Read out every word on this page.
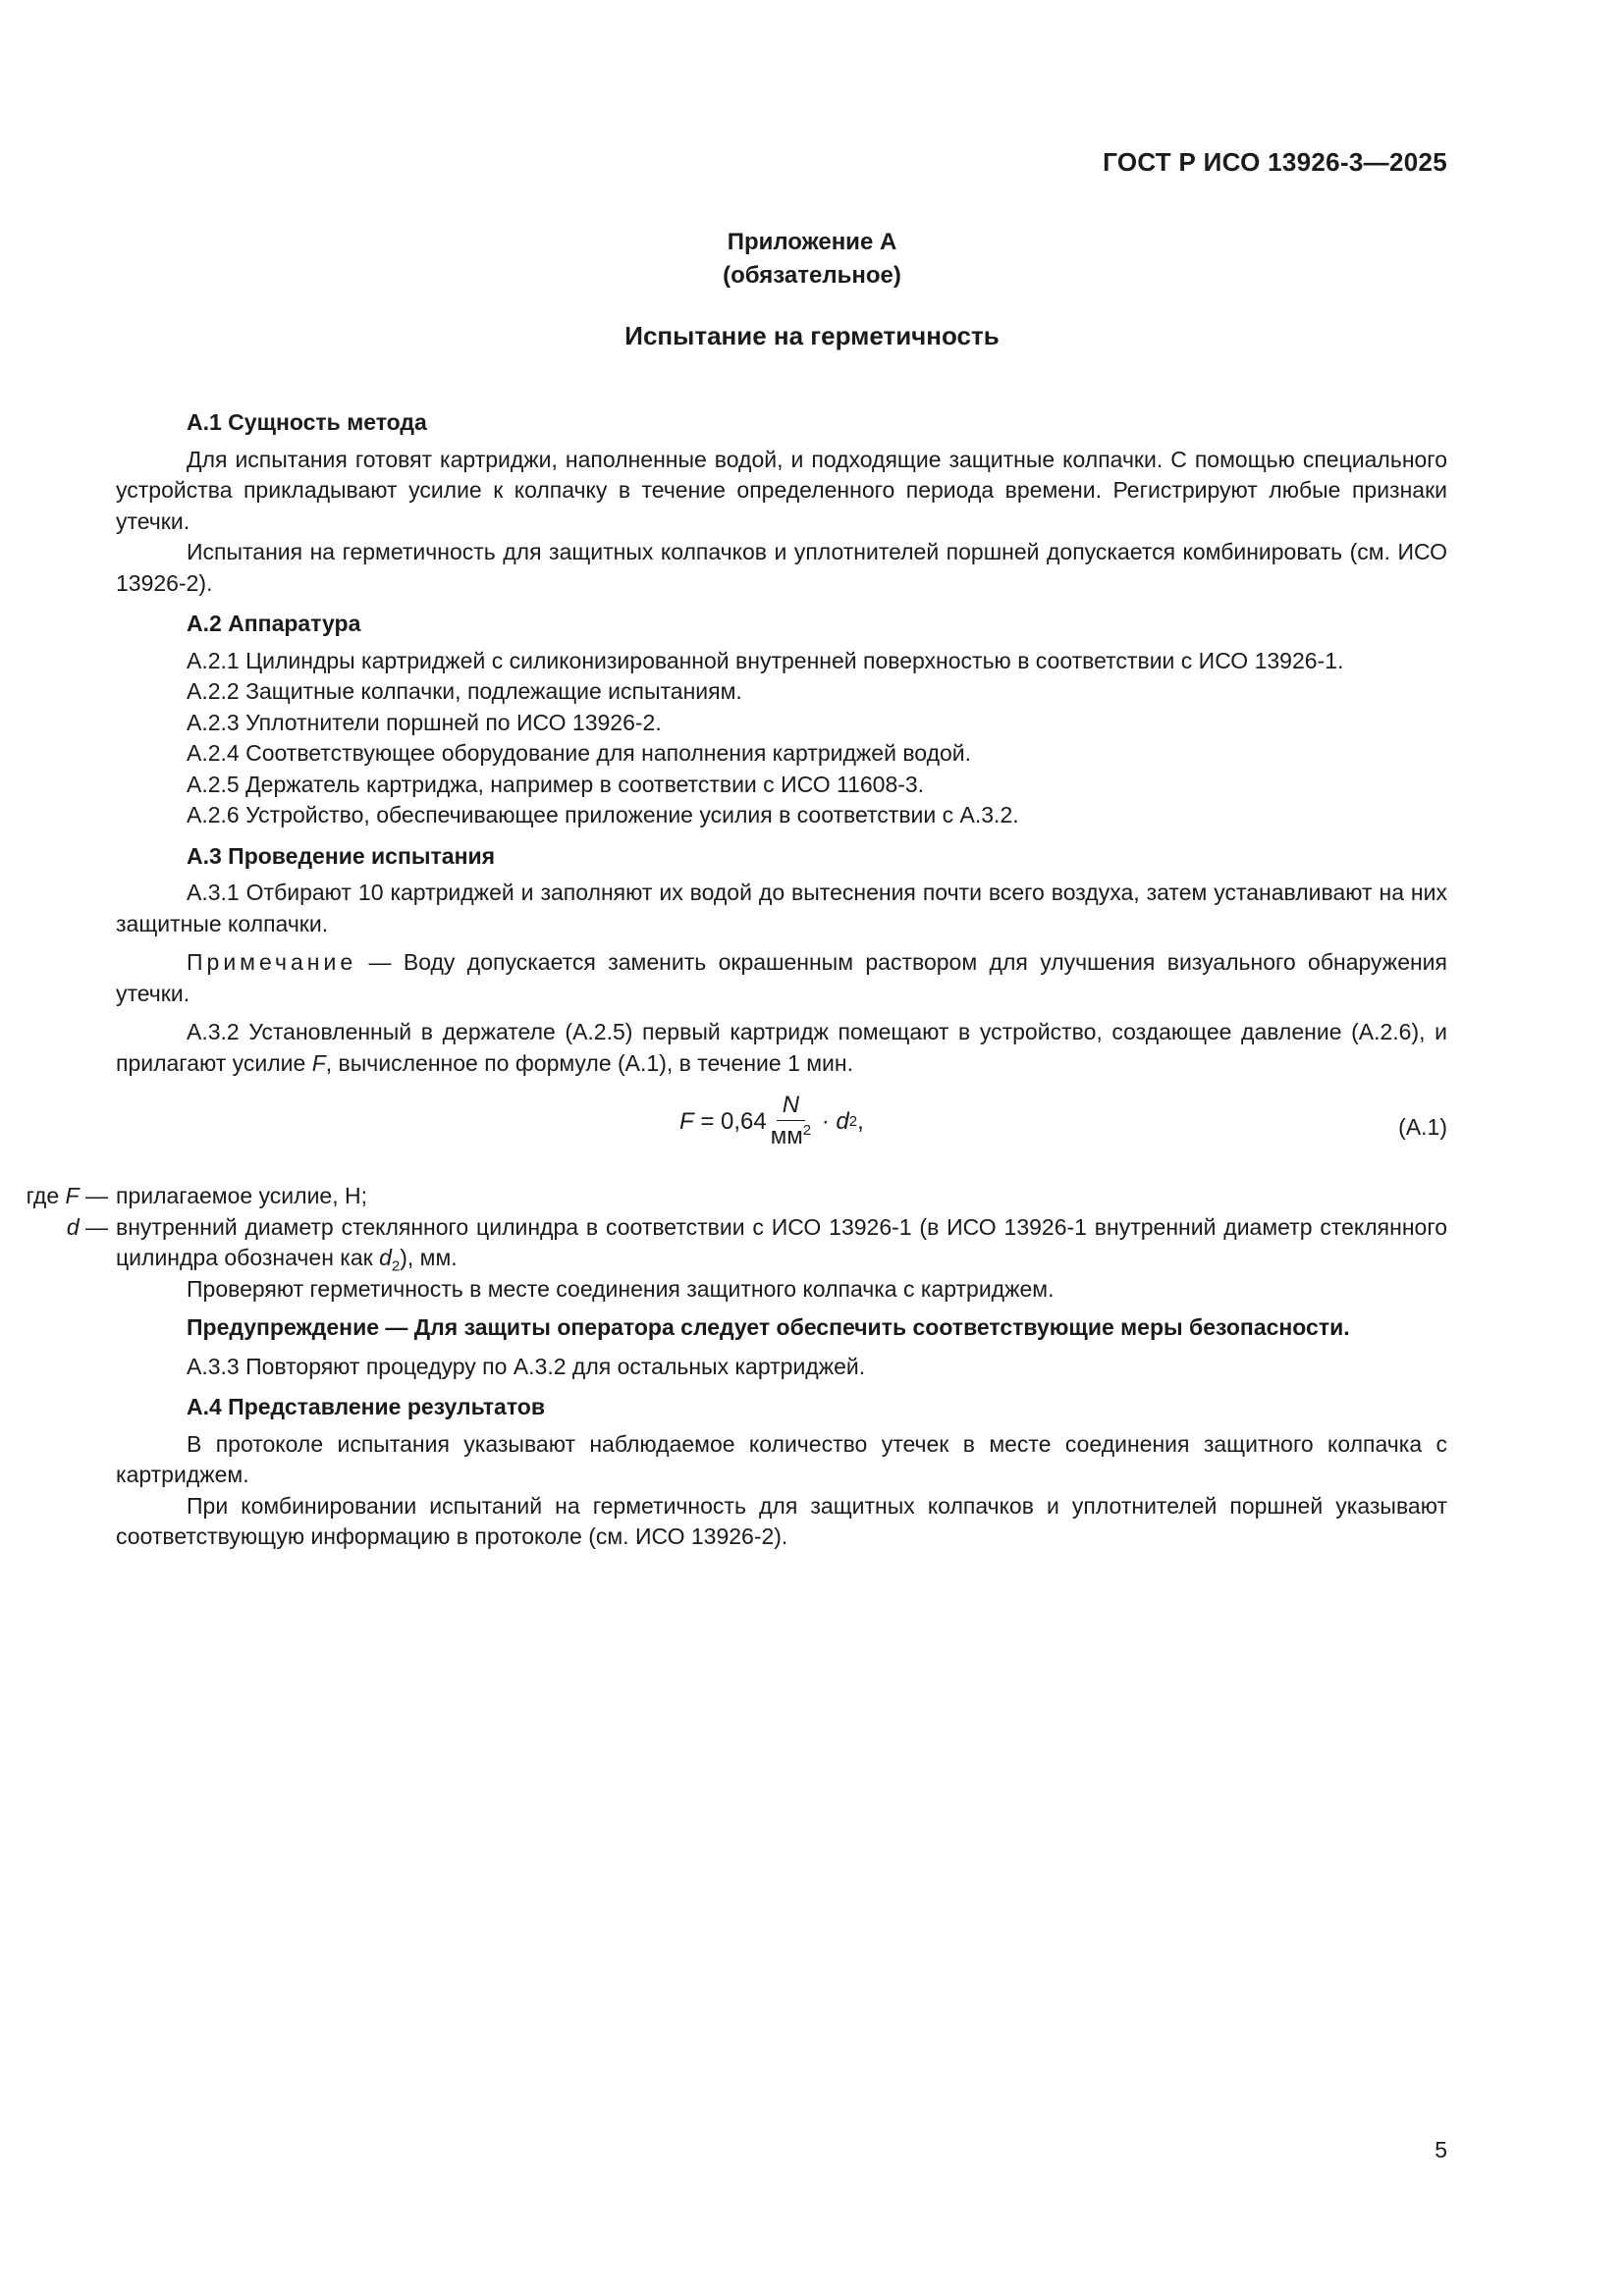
ГОСТ Р ИСО 13926-3—2025
Приложение А
(обязательное)
Испытание на герметичность
А.1 Сущность метода

Для испытания готовят картриджи, наполненные водой, и подходящие защитные колпачки. С помощью специального устройства прикладывают усилие к колпачку в течение определенного периода времени. Регистрируют любые признаки утечки.

Испытания на герметичность для защитных колпачков и уплотнителей поршней допускается комбинировать (см. ИСО 13926-2).

А.2 Аппаратура

А.2.1 Цилиндры картриджей с силиконизированной внутренней поверхностью в соответствии с ИСО 13926-1.

А.2.2 Защитные колпачки, подлежащие испытаниям.

А.2.3 Уплотнители поршней по ИСО 13926-2.

А.2.4 Соответствующее оборудование для наполнения картриджей водой.

А.2.5 Держатель картриджа, например в соответствии с ИСО 11608-3.

А.2.6 Устройство, обеспечивающее приложение усилия в соответствии с А.3.2.

А.3 Проведение испытания

А.3.1 Отбирают 10 картриджей и заполняют их водой до вытеснения почти всего воздуха, затем устанавливают на них защитные колпачки.

Примечание — Воду допускается заменить окрашенным раствором для улучшения визуального обнаружения утечки.

А.3.2 Установленный в держателе (А.2.5) первый картридж помещают в устройство, создающее давление (А.2.6), и прилагают усилие F, вычисленное по формуле (А.1), в течение 1 мин.

$F = 0,64 \frac{N}{мм^2} \cdot d$ 2 ,	(А.1)
где F — прилагаемое усилие, Н;
d — внутренний диаметр стеклянного цилиндра в соответствии с ИСО 13926-1 (в ИСО 13926-1 внутренний диаметр стеклянного цилиндра обозначен как $d_2$), мм.

Проверяют герметичность в месте соединения защитного колпачка с картриджем.

Предупреждение — Для защиты оператора следует обеспечить соответствующие меры безопасности.

А.3.3 Повторяют процедуру по А.3.2 для остальных картриджей.

А.4 Представление результатов

В протоколе испытания указывают наблюдаемое количество утечек в месте соединения защитного колпачка с картриджем.

При комбинировании испытаний на герметичность для защитных колпачков и уплотнителей поршней указывают соответствующую информацию в протоколе (см. ИСО 13926-2).

5
